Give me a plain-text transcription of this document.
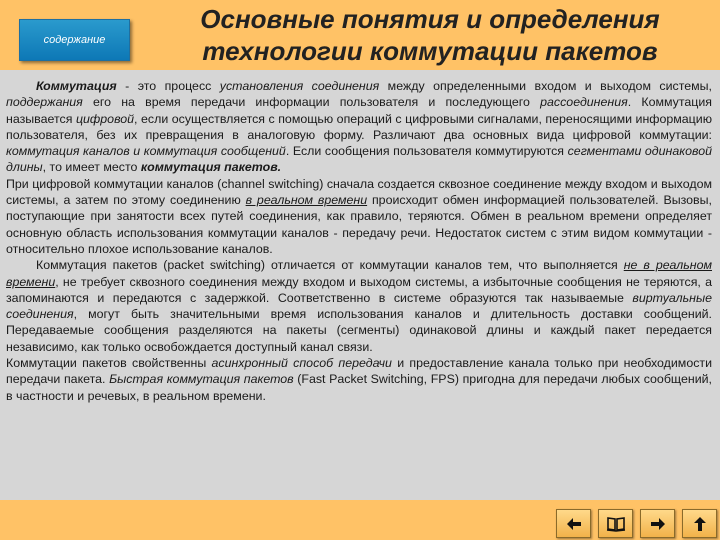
содержание
Основные понятия и определения
технологии коммутации пакетов

Коммутация - это процесс установления соединения между определенными входом и выходом системы, поддержания его на время передачи информации пользователя и последующего рассоединения. Коммутация называется цифровой, если осуществляется с помощью операций с цифровыми сигналами, переносящими информацию пользователя, без их превращения в аналоговую форму. Различают два основных вида цифровой коммутации: коммутация каналов и коммутация сообщений. Если сообщения пользователя коммутируются сегментами одинаковой длины, то имеет место коммутация пакетов.

При цифровой коммутации каналов (channel switching) сначала создается сквозное соединение между входом и выходом системы, а затем по этому соединению в реальном времени происходит обмен информацией пользователей. Вызовы, поступающие при занятости всех путей соединения, как правило, теряются. Обмен в реальном времени определяет основную область использования коммутации каналов - передачу речи. Недостаток систем с этим видом коммутации - относительно плохое использование каналов.

Коммутация пакетов (packet switching) отличается от коммутации каналов тем, что выполняется не в реальном времени, не требует сквозного соединения между входом и выходом системы, а избыточные сообщения не теряются, а запоминаются и передаются с задержкой. Соответственно в системе образуются так называемые виртуальные соединения, могут быть значительными время использования каналов и длительность доставки сообщений. Передаваемые сообщения разделяются на пакеты (сегменты) одинаковой длины и каждый пакет передается независимо, как только освобождается доступный канал связи.

Коммутации пакетов свойственны асинхронный способ передачи и предоставление канала только при необходимости передачи пакета. Быстрая коммутация пакетов (Fast Packet Switching, FPS) пригодна для передачи любых сообщений, в частности и речевых, в реальном времени.
